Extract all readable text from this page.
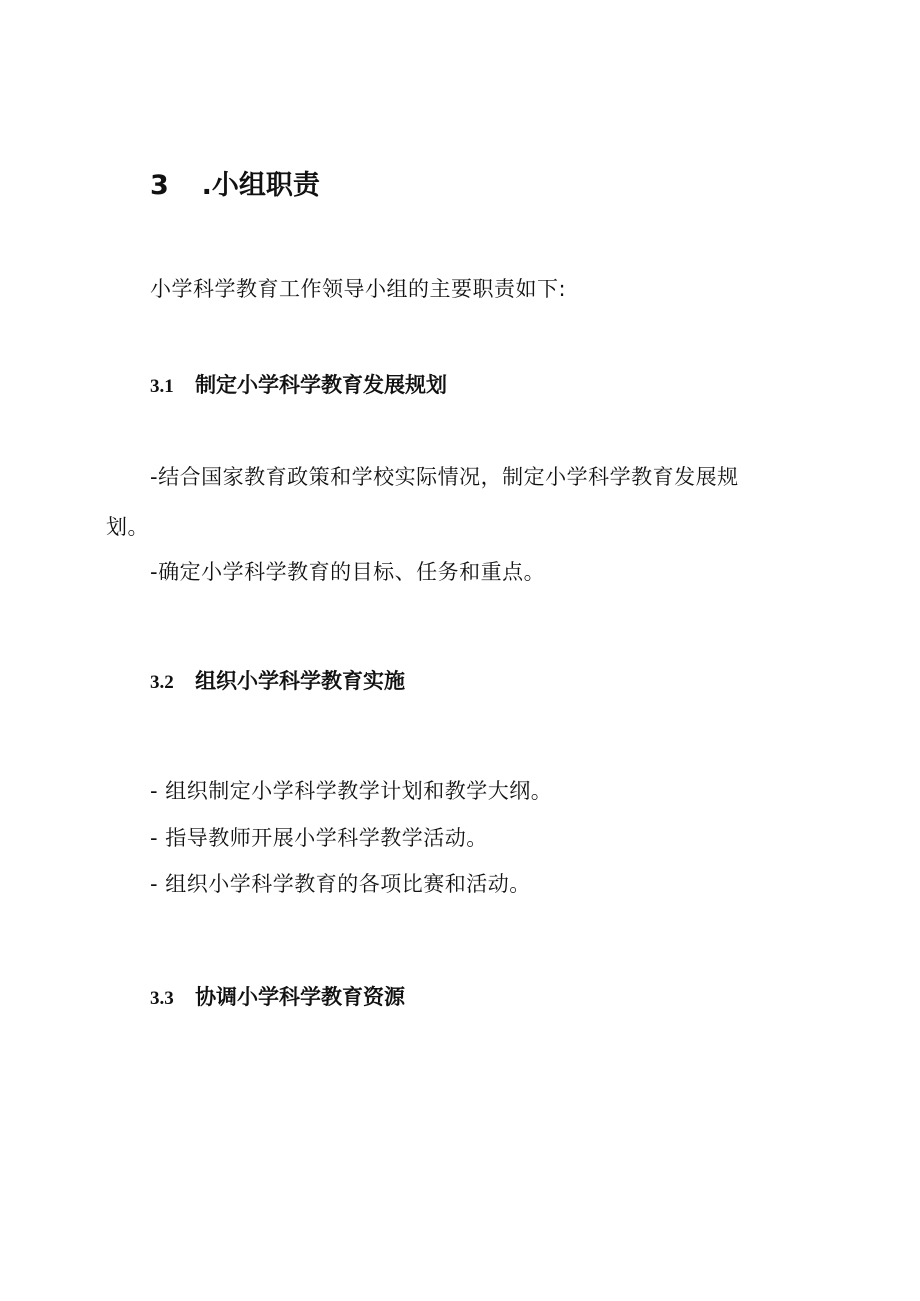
3 .小组职责
小学科学教育工作领导小组的主要职责如下:
3.1 制定小学科学教育发展规划
-结合国家教育政策和学校实际情况，制定小学科学教育发展规
划。
-确定小学科学教育的目标、任务和重点。
3.2 组织小学科学教育实施
- 组织制定小学科学教学计划和教学大纲。
- 指导教师开展小学科学教学活动。
- 组织小学科学教育的各项比赛和活动。
3.3 协调小学科学教育资源
